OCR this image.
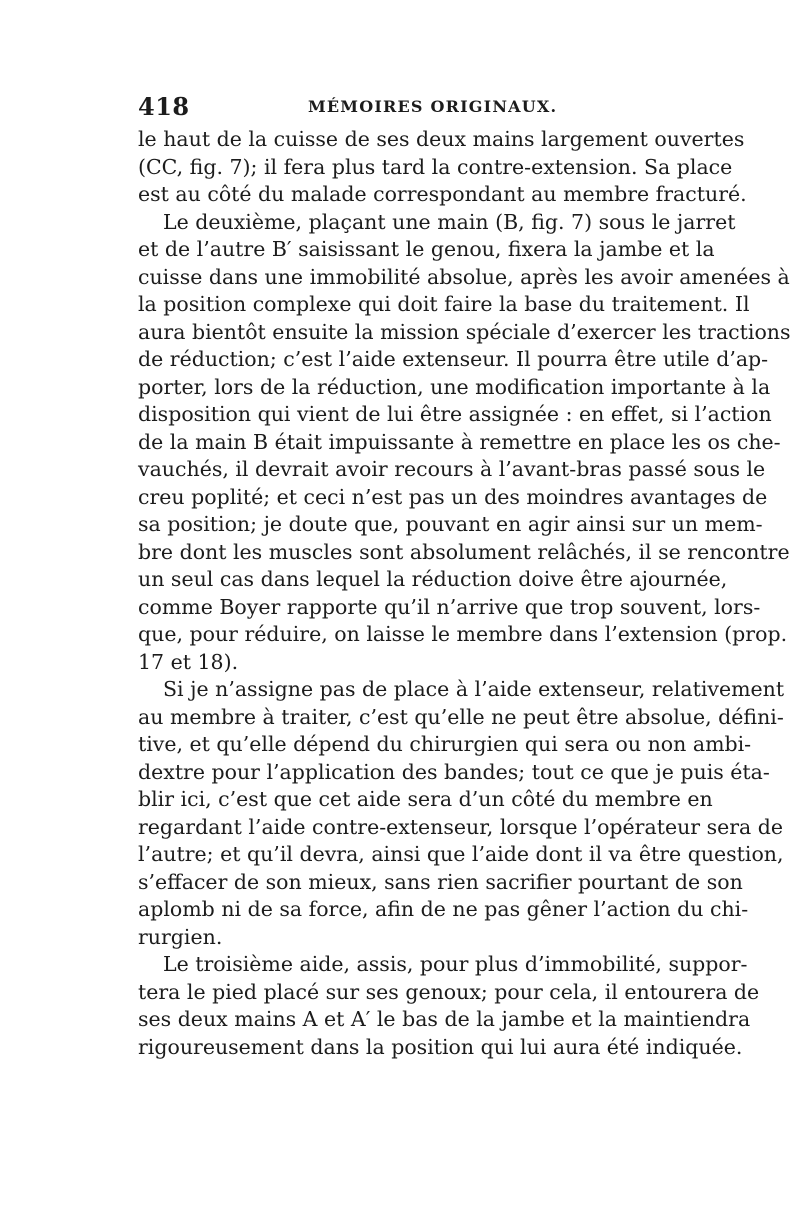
418	MÉMOIRES ORIGINAUX.
le haut de la cuisse de ses deux mains largement ouvertes
(CC, fig. 7); il fera plus tard la contre-extension. Sa place
est au côté du malade correspondant au membre fracturé.
Le deuxième, plaçant une main (B, fig. 7) sous le jarret
et de l’autre B′ saisissant le genou, fixera la jambe et la
cuisse dans une immobilité absolue, après les avoir amenées à
la position complexe qui doit faire la base du traitement. Il
aura bientôt ensuite la mission spéciale d’exercer les tractions
de réduction; c’est l’aide extenseur. Il pourra être utile d’ap-
porter, lors de la réduction, une modification importante à la
disposition qui vient de lui être assignée : en effet, si l’action
de la main B était impuissante à remettre en place les os che-
vauchés, il devrait avoir recours à l’avant-bras passé sous le
creu poplité; et ceci n’est pas un des moindres avantages de
sa position; je doute que, pouvant en agir ainsi sur un mem-
bre dont les muscles sont absolument relâchés, il se rencontre
un seul cas dans lequel la réduction doive être ajournée,
comme Boyer rapporte qu’il n’arrive que trop souvent, lors-
que, pour réduire, on laisse le membre dans l’extension (prop.
17 et 18).
Si je n’assigne pas de place à l’aide extenseur, relativement
au membre à traiter, c’est qu’elle ne peut être absolue, défini-
tive, et qu’elle dépend du chirurgien qui sera ou non ambi-
dextre pour l’application des bandes; tout ce que je puis éta-
blir ici, c’est que cet aide sera d’un côté du membre en
regardant l’aide contre-extenseur, lorsque l’opérateur sera de
l’autre; et qu’il devra, ainsi que l’aide dont il va être question,
s’effacer de son mieux, sans rien sacrifier pourtant de son
aplomb ni de sa force, afin de ne pas gêner l’action du chi-
rurgien.
Le troisième aide, assis, pour plus d’immobilité, suppor-
tera le pied placé sur ses genoux; pour cela, il entourera de
ses deux mains A et A′ le bas de la jambe et la maintiendra
rigoureusement dans la position qui lui aura été indiquée.
